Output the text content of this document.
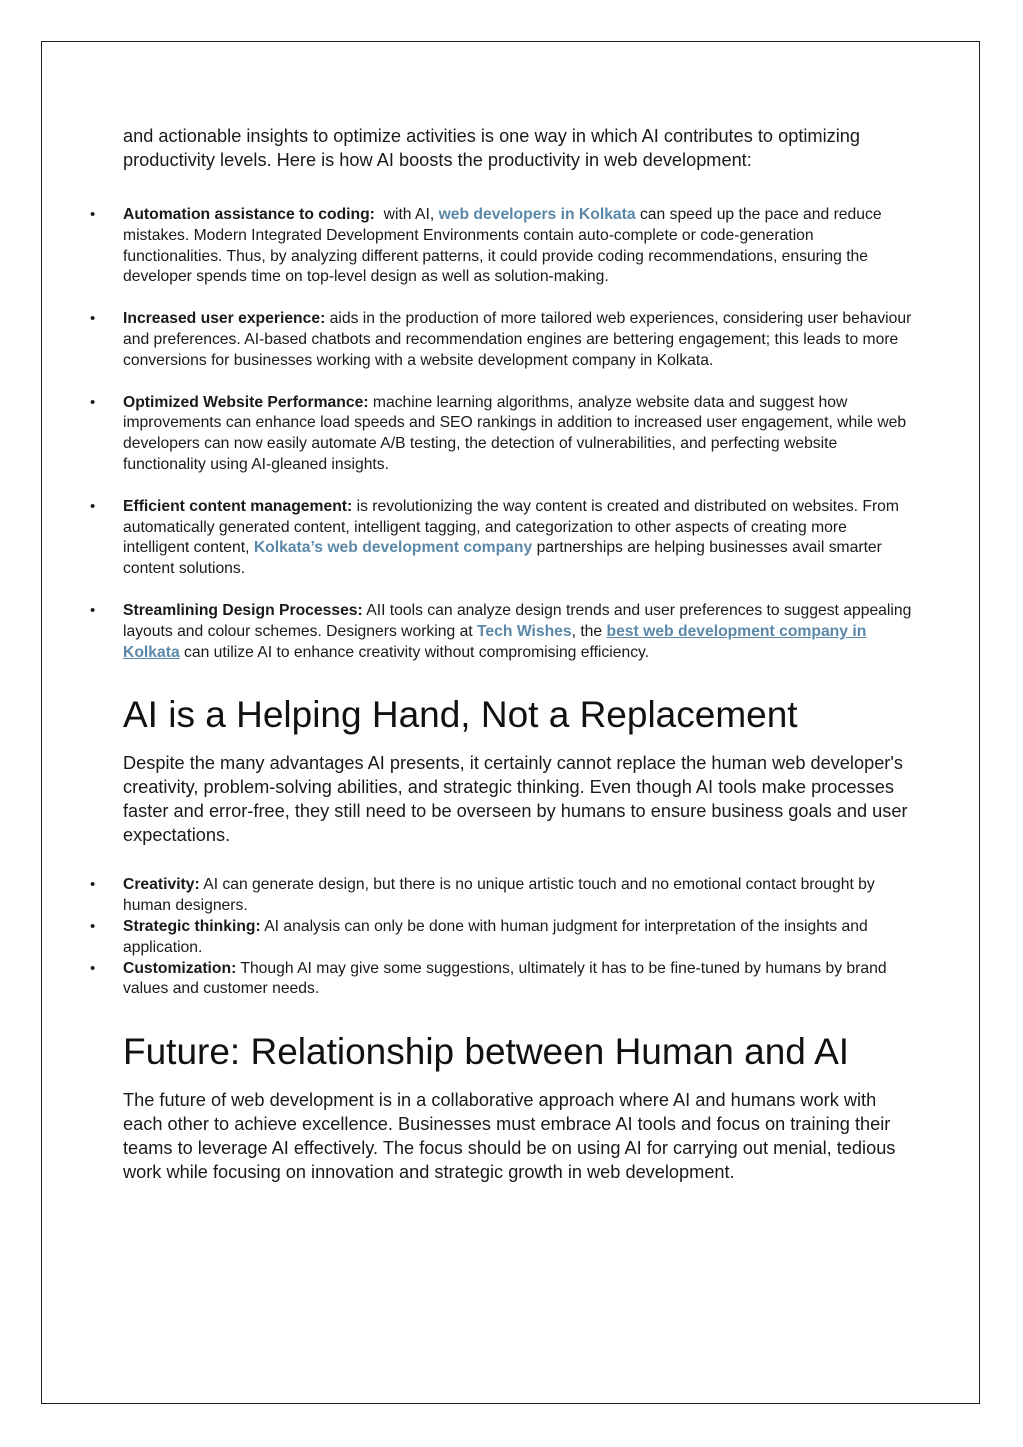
and actionable insights to optimize activities is one way in which AI contributes to optimizing productivity levels. Here is how AI boosts the productivity in web development:

• Automation assistance to coding:  with AI, web developers in Kolkata can speed up the pace and reduce mistakes. Modern Integrated Development Environments contain auto-complete or code-generation functionalities. Thus, by analyzing different patterns, it could provide coding recommendations, ensuring the developer spends time on top-level design as well as solution-making.
• Increased user experience: aids in the production of more tailored web experiences, considering user behaviour and preferences. AI-based chatbots and recommendation engines are bettering engagement; this leads to more conversions for businesses working with a website development company in Kolkata.
• Optimized Website Performance: machine learning algorithms, analyze website data and suggest how improvements can enhance load speeds and SEO rankings in addition to increased user engagement, while web developers can now easily automate A/B testing, the detection of vulnerabilities, and perfecting website functionality using AI-gleaned insights.
• Efficient content management: is revolutionizing the way content is created and distributed on websites. From automatically generated content, intelligent tagging, and categorization to other aspects of creating more intelligent content, Kolkata’s web development company partnerships are helping businesses avail smarter content solutions.
• Streamlining Design Processes: AII tools can analyze design trends and user preferences to suggest appealing layouts and colour schemes. Designers working at Tech Wishes, the best web development company in Kolkata can utilize AI to enhance creativity without compromising efficiency.
AI is a Helping Hand, Not a Replacement

Despite the many advantages AI presents, it certainly cannot replace the human web developer's creativity, problem-solving abilities, and strategic thinking. Even though AI tools make processes faster and error-free, they still need to be overseen by humans to ensure business goals and user expectations.

• Creativity: AI can generate design, but there is no unique artistic touch and no emotional contact brought by human designers.
• Strategic thinking: AI analysis can only be done with human judgment for interpretation of the insights and application.
• Customization: Though AI may give some suggestions, ultimately it has to be fine-tuned by humans by brand values and customer needs.
Future: Relationship between Human and AI

The future of web development is in a collaborative approach where AI and humans work with each other to achieve excellence. Businesses must embrace AI tools and focus on training their teams to leverage AI effectively. The focus should be on using AI for carrying out menial, tedious work while focusing on innovation and strategic growth in web development.
